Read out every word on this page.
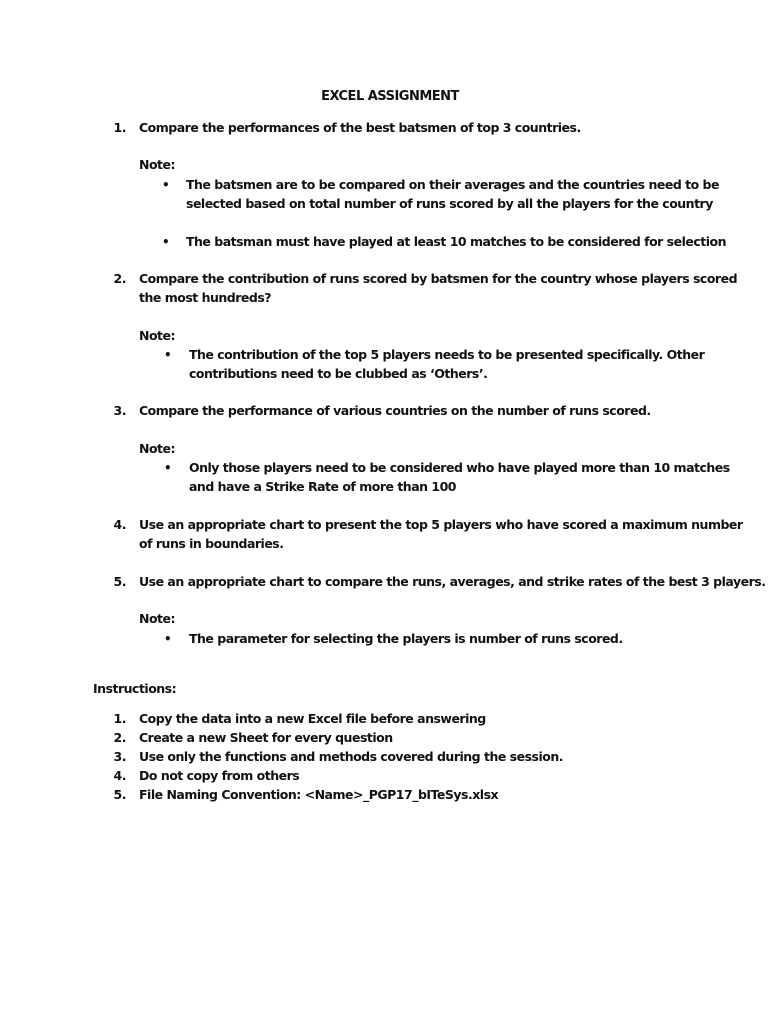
EXCEL ASSIGNMENT
1. Compare the performances of the best batsmen of top 3 countries.
Note:
• The batsmen are to be compared on their averages and the countries need to be
selected based on total number of runs scored by all the players for the country
• The batsman must have played at least 10 matches to be considered for selection
2. Compare the contribution of runs scored by batsmen for the country whose players scored
the most hundreds?
Note:
• The contribution of the top 5 players needs to be presented specifically. Other
contributions need to be clubbed as ‘Others’.
3. Compare the performance of various countries on the number of runs scored.
Note:
• Only those players need to be considered who have played more than 10 matches
and have a Strike Rate of more than 100
4. Use an appropriate chart to present the top 5 players who have scored a maximum number
of runs in boundaries.
5. Use an appropriate chart to compare the runs, averages, and strike rates of the best 3 players.
Note:
• The parameter for selecting the players is number of runs scored.
Instructions:
1. Copy the data into a new Excel file before answering
2. Create a new Sheet for every question
3. Use only the functions and methods covered during the session.
4. Do not copy from others
5. File Naming Convention: <Name>_PGP17_bITeSys.xlsx
